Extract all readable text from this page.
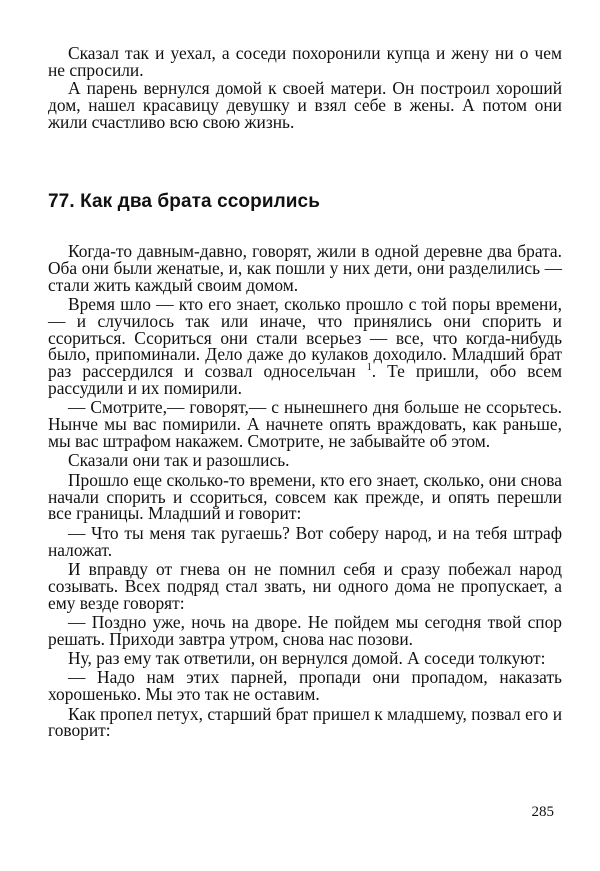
Сказал так и уехал, а соседи похоронили купца и жену ни о чем не спросили.

А парень вернулся домой к своей матери. Он построил хороший дом, нашел красавицу девушку и взял себе в жены. А потом они жили счастливо всю свою жизнь.

77. Как два брата ссорились

Когда-то давным-давно, говорят, жили в одной деревне два брата. Оба они были женатые, и, как пошли у них дети, они разделились — стали жить каждый своим домом.

Время шло — кто его знает, сколько прошло с той поры времени,— и случилось так или иначе, что принялись они спорить и ссориться. Ссориться они стали всерьез — все, что когда-нибудь было, припоминали. Дело даже до кулаков доходило. Младший брат раз рассердился и созвал односельчан $^1$. Те пришли, обо всем рассудили и их помирили.

— Смотрите,— говорят,— с нынешнего дня больше не ссорьтесь. Нынче мы вас помирили. А начнете опять враждовать, как раньше, мы вас штрафом накажем. Смотрите, не забывайте об этом.

Сказали они так и разошлись.

Прошло еще сколько-то времени, кто его знает, сколько, они снова начали спорить и ссориться, совсем как прежде, и опять перешли все границы. Младший и говорит:

— Что ты меня так ругаешь? Вот соберу народ, и на тебя штраф наложат.

И вправду от гнева он не помнил себя и сразу побежал народ созывать. Всех подряд стал звать, ни одного дома не пропускает, а ему везде говорят:

— Поздно уже, ночь на дворе. Не пойдем мы сегодня твой спор решать. Приходи завтра утром, снова нас позови.

Ну, раз ему так ответили, он вернулся домой. А соседи толкуют:

— Надо нам этих парней, пропади они пропадом, наказать хорошенько. Мы это так не оставим.

Как пропел петух, старший брат пришел к младшему, позвал его и говорит:

285
